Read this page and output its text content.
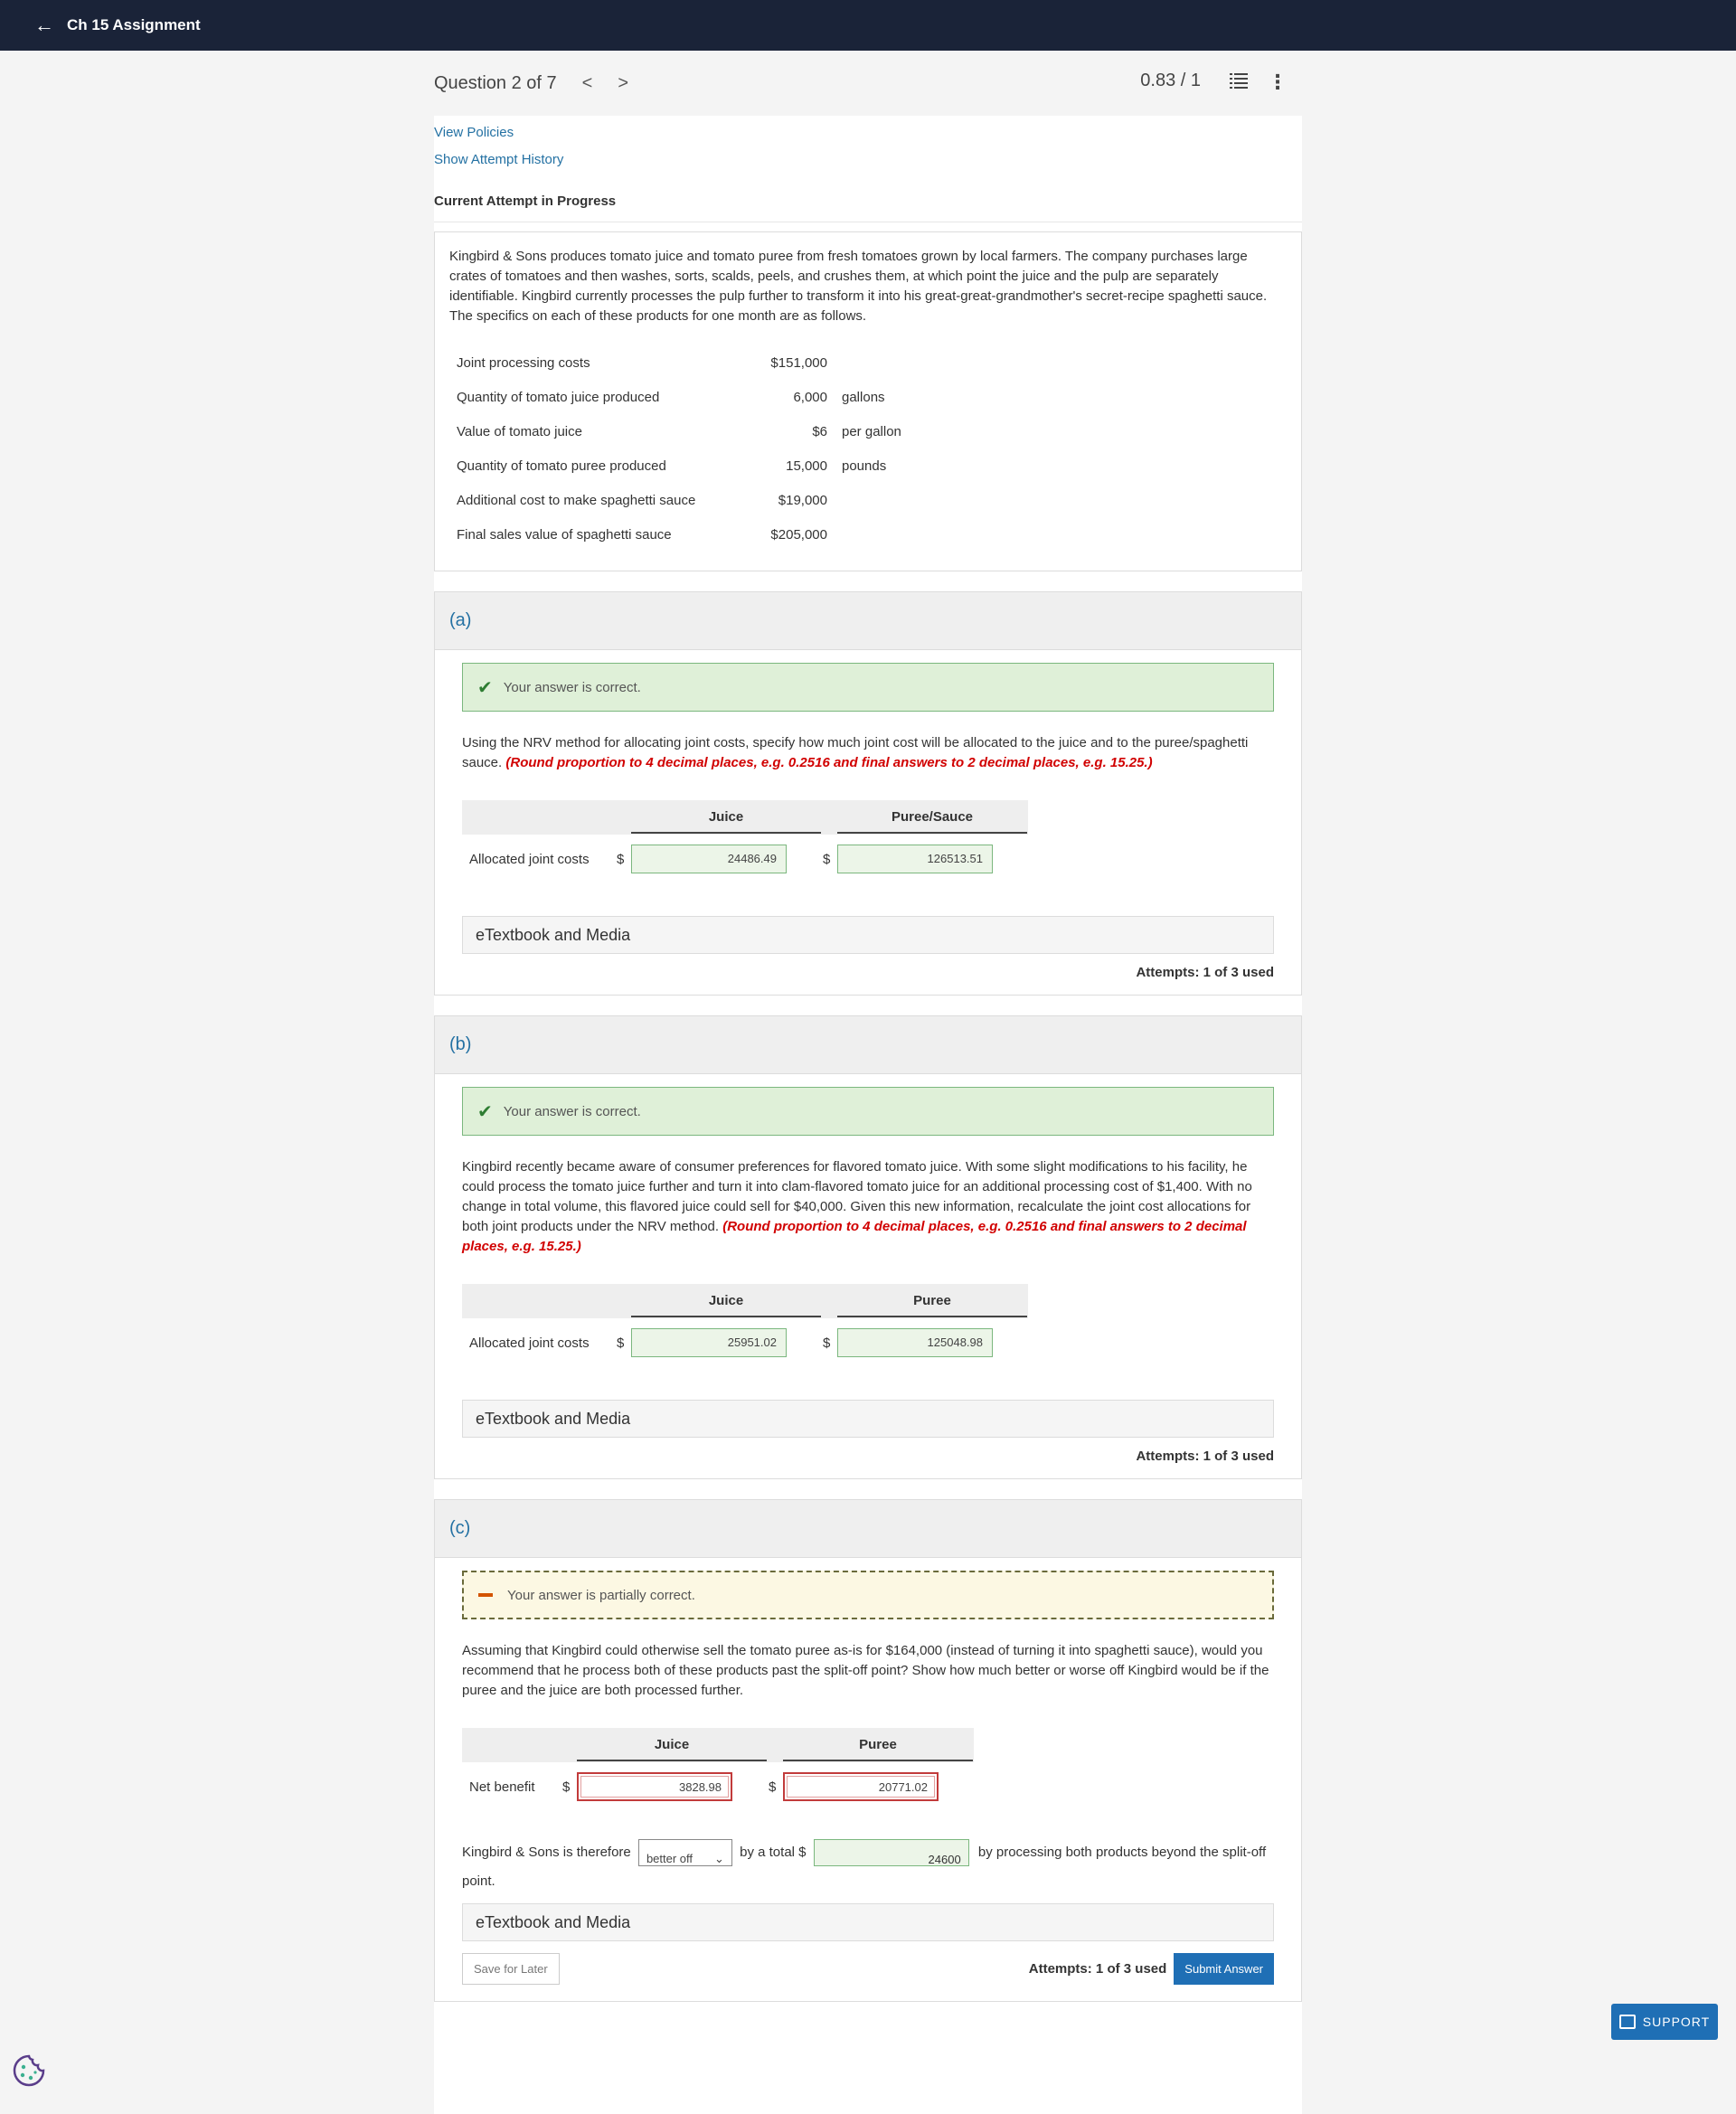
← Ch 15 Assignment
Question 2 of 7 < >	0.83 / 1	⋮
View Policies
Show Attempt History
Current Attempt in Progress
Kingbird & Sons produces tomato juice and tomato puree from fresh tomatoes grown by local farmers. The company purchases large crates of tomatoes and then washes, sorts, scalds, peels, and crushes them, at which point the juice and the pulp are separately identifiable. Kingbird currently processes the pulp further to transform it into his great-great-grandmother's secret-recipe spaghetti sauce. The specifics on each of these products for one month are as follows.
Joint processing costs	$151,000	
Quantity of tomato juice produced	6,000	gallons
Value of tomato juice	$6	per gallon
Quantity of tomato puree produced	15,000	pounds
Additional cost to make spaghetti sauce	$19,000	
Final sales value of spaghetti sauce	$205,000	
(a)
✔ Your answer is correct.
Using the NRV method for allocating joint costs, specify how much joint cost will be allocated to the juice and to the puree/spaghetti sauce. (Round proportion to 4 decimal places, e.g. 0.2516 and final answers to 2 decimal places, e.g. 15.25.)
		Juice		Puree/Sauce
Allocated joint costs	$	24486.49	$	126513.51
eTextbook and Media
Attempts: 1 of 3 used
(b)
✔ Your answer is correct.
Kingbird recently became aware of consumer preferences for flavored tomato juice. With some slight modifications to his facility, he could process the tomato juice further and turn it into clam-flavored tomato juice for an additional processing cost of $1,400. With no change in total volume, this flavored juice could sell for $40,000. Given this new information, recalculate the joint cost allocations for both joint products under the NRV method. (Round proportion to 4 decimal places, e.g. 0.2516 and final answers to 2 decimal places, e.g. 15.25.)
		Juice		Puree
Allocated joint costs	$	25951.02	$	125048.98
eTextbook and Media
Attempts: 1 of 3 used
(c)
Your answer is partially correct.
Assuming that Kingbird could otherwise sell the tomato puree as-is for $164,000 (instead of turning it into spaghetti sauce), would you recommend that he process both of these products past the split-off point? Show how much better or worse off Kingbird would be if the puree and the juice are both processed further.
		Juice		Puree
Net benefit	$	3828.98	$	20771.02
Kingbird & Sons is therefore better off ⌄ by a total $	24600 by processing both products beyond the split-off point.
eTextbook and Media
Save for Later	Attempts: 1 of 3 used	Submit Answer
SUPPORT
